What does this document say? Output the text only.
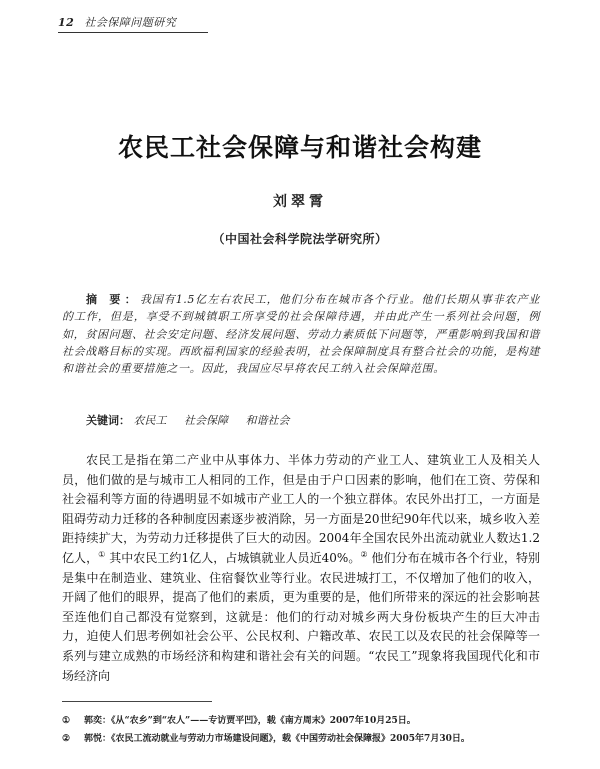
12 社会保障问题研究
农民工社会保障与和谐社会构建
刘翠霄
（中国社会科学院法学研究所）
摘 要：我国有1.5亿左右农民工，他们分布在城市各个行业。他们长期从事非农产业的工作，但是，享受不到城镇职工所享受的社会保障待遇，并由此产生一系列社会问题，例如，贫困问题、社会安定问题、经济发展问题、劳动力素质低下问题等，严重影响到我国和谐社会战略目标的实现。西欧福利国家的经验表明，社会保障制度具有整合社会的功能，是构建和谐社会的重要措施之一。因此，我国应尽早将农民工纳入社会保障范围。
关键词： 农民工 社会保障 和谐社会
农民工是指在第二产业中从事体力、半体力劳动的产业工人、建筑业工人及相关人员，他们做的是与城市工人相同的工作，但是由于户口因素的影响，他们在工资、劳保和社会福利等方面的待遇明显不如城市产业工人的一个独立群体。农民外出打工，一方面是阻碍劳动力迁移的各种制度因素逐步被消除，另一方面是20世纪90年代以来，城乡收入差距持续扩大，为劳动力迁移提供了巨大的动因。2004年全国农民外出流动就业人数达1.2亿人，① 其中农民工约1亿人，占城镇就业人员近40%。② 他们分布在城市各个行业，特别是集中在制造业、建筑业、住宿餐饮业等行业。农民进城打工，不仅增加了他们的收入，开阔了他们的眼界，提高了他们的素质，更为重要的是，他们所带来的深远的社会影响甚至连他们自己都没有觉察到，这就是：他们的行动对城乡两大身份板块产生的巨大冲击力，迫使人们思考例如社会公平、公民权利、户籍改革、农民工以及农民的社会保障等一系列与建立成熟的市场经济和构建和谐社会有关的问题。“农民工”现象将我国现代化和市场经济向
① 郭奕：《从“农乡”到“农人”——专访贾平凹》，载《南方周末》2007年10月25日。
② 郭悦：《农民工流动就业与劳动力市场建设问题》，载《中国劳动社会保障报》2005年7月30日。
